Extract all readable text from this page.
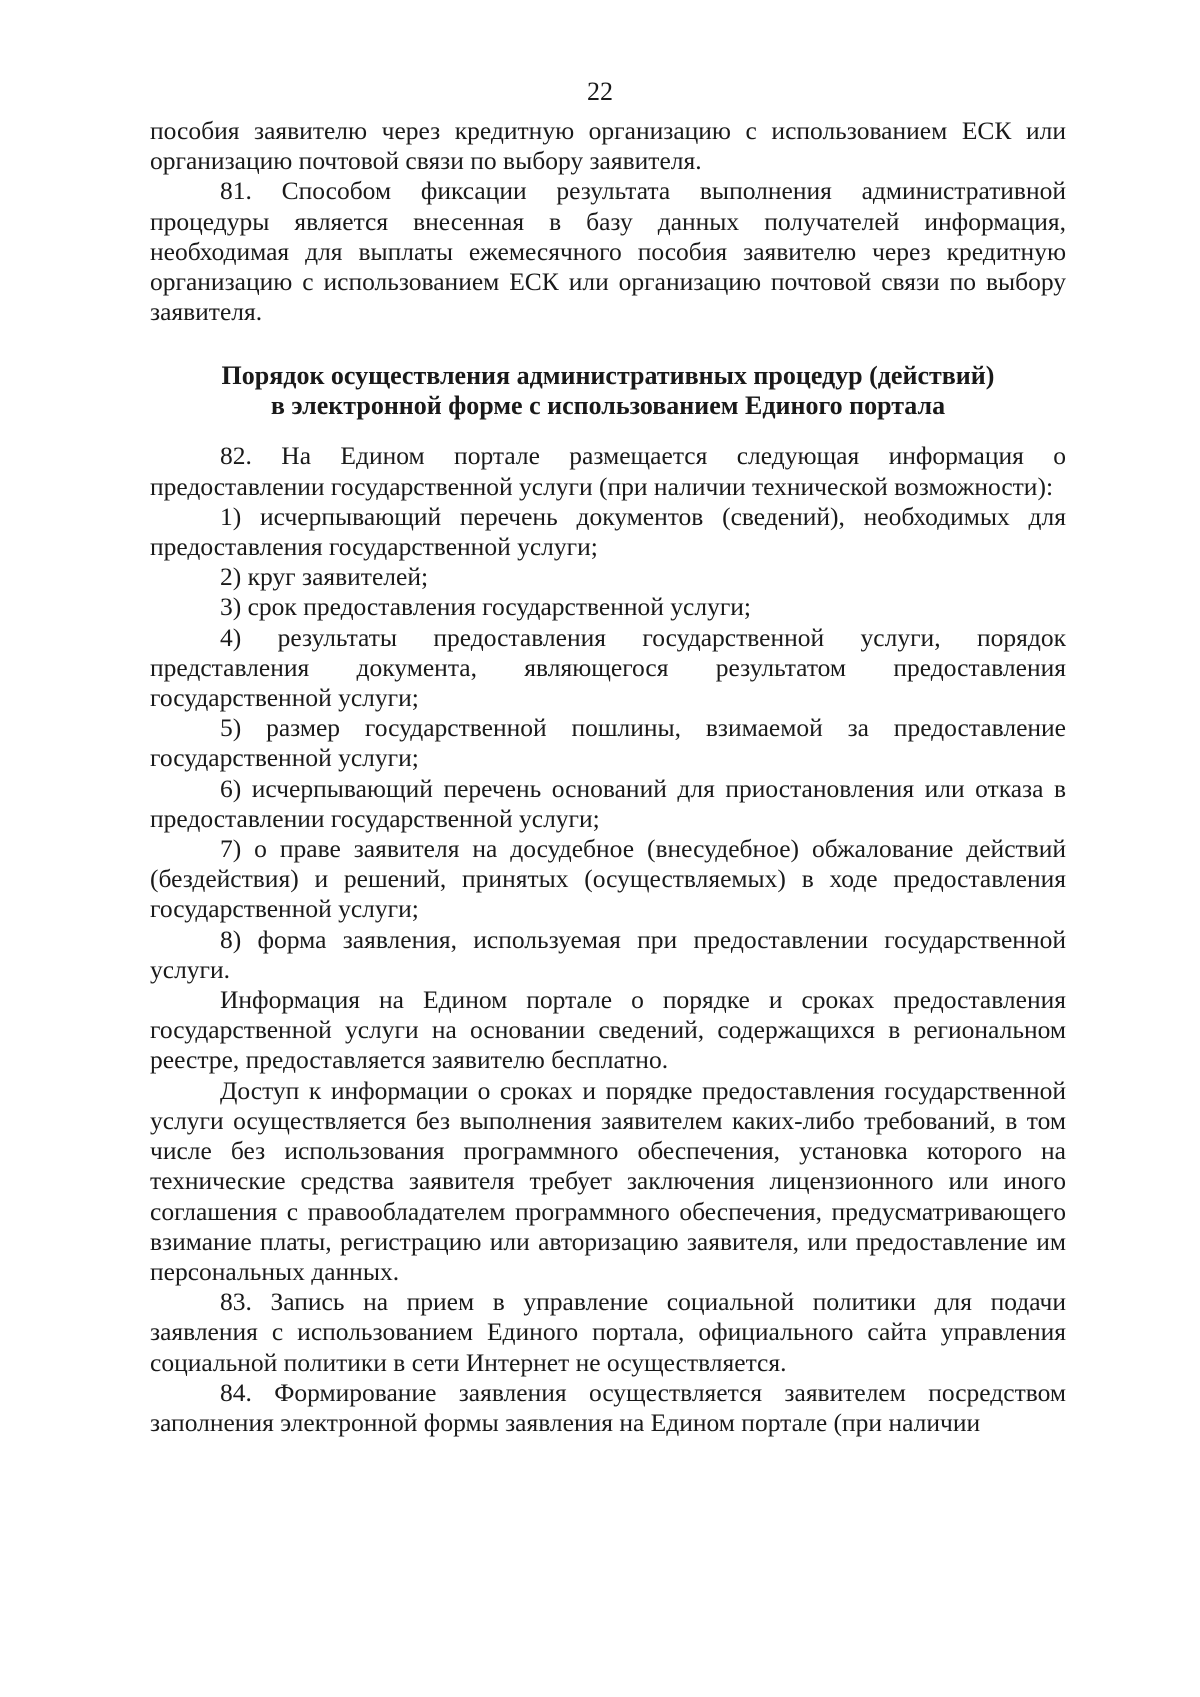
22

пособия заявителю через кредитную организацию с использованием ЕСК или организацию почтовой связи по выбору заявителя.

81. Способом фиксации результата выполнения административной процедуры является внесенная в базу данных получателей информация, необходимая для выплаты ежемесячного пособия заявителю через кредитную организацию с использованием ЕСК или организацию почтовой связи по выбору заявителя.

Порядок осуществления административных процедур (действий)
в электронной форме с использованием Единого портала

82. На Едином портале размещается следующая информация о предоставлении государственной услуги (при наличии технической возможности):

1) исчерпывающий перечень документов (сведений), необходимых для предоставления государственной услуги;

2) круг заявителей;

3) срок предоставления государственной услуги;

4) результаты предоставления государственной услуги, порядок представления документа, являющегося результатом предоставления государственной услуги;

5) размер государственной пошлины, взимаемой за предоставление государственной услуги;

6) исчерпывающий перечень оснований для приостановления или отказа в предоставлении государственной услуги;

7) о праве заявителя на досудебное (внесудебное) обжалование действий (бездействия) и решений, принятых (осуществляемых) в ходе предоставления государственной услуги;

8) форма заявления, используемая при предоставлении государственной услуги.

Информация на Едином портале о порядке и сроках предоставления государственной услуги на основании сведений, содержащихся в региональном реестре, предоставляется заявителю бесплатно.

Доступ к информации о сроках и порядке предоставления государственной услуги осуществляется без выполнения заявителем каких-либо требований, в том числе без использования программного обеспечения, установка которого на технические средства заявителя требует заключения лицензионного или иного соглашения с правообладателем программного обеспечения, предусматривающего взимание платы, регистрацию или авторизацию заявителя, или предоставление им персональных данных.

83. Запись на прием в управление социальной политики для подачи заявления с использованием Единого портала, официального сайта управления социальной политики в сети Интернет не осуществляется.

84. Формирование заявления осуществляется заявителем посредством заполнения электронной формы заявления на Едином портале (при наличии
